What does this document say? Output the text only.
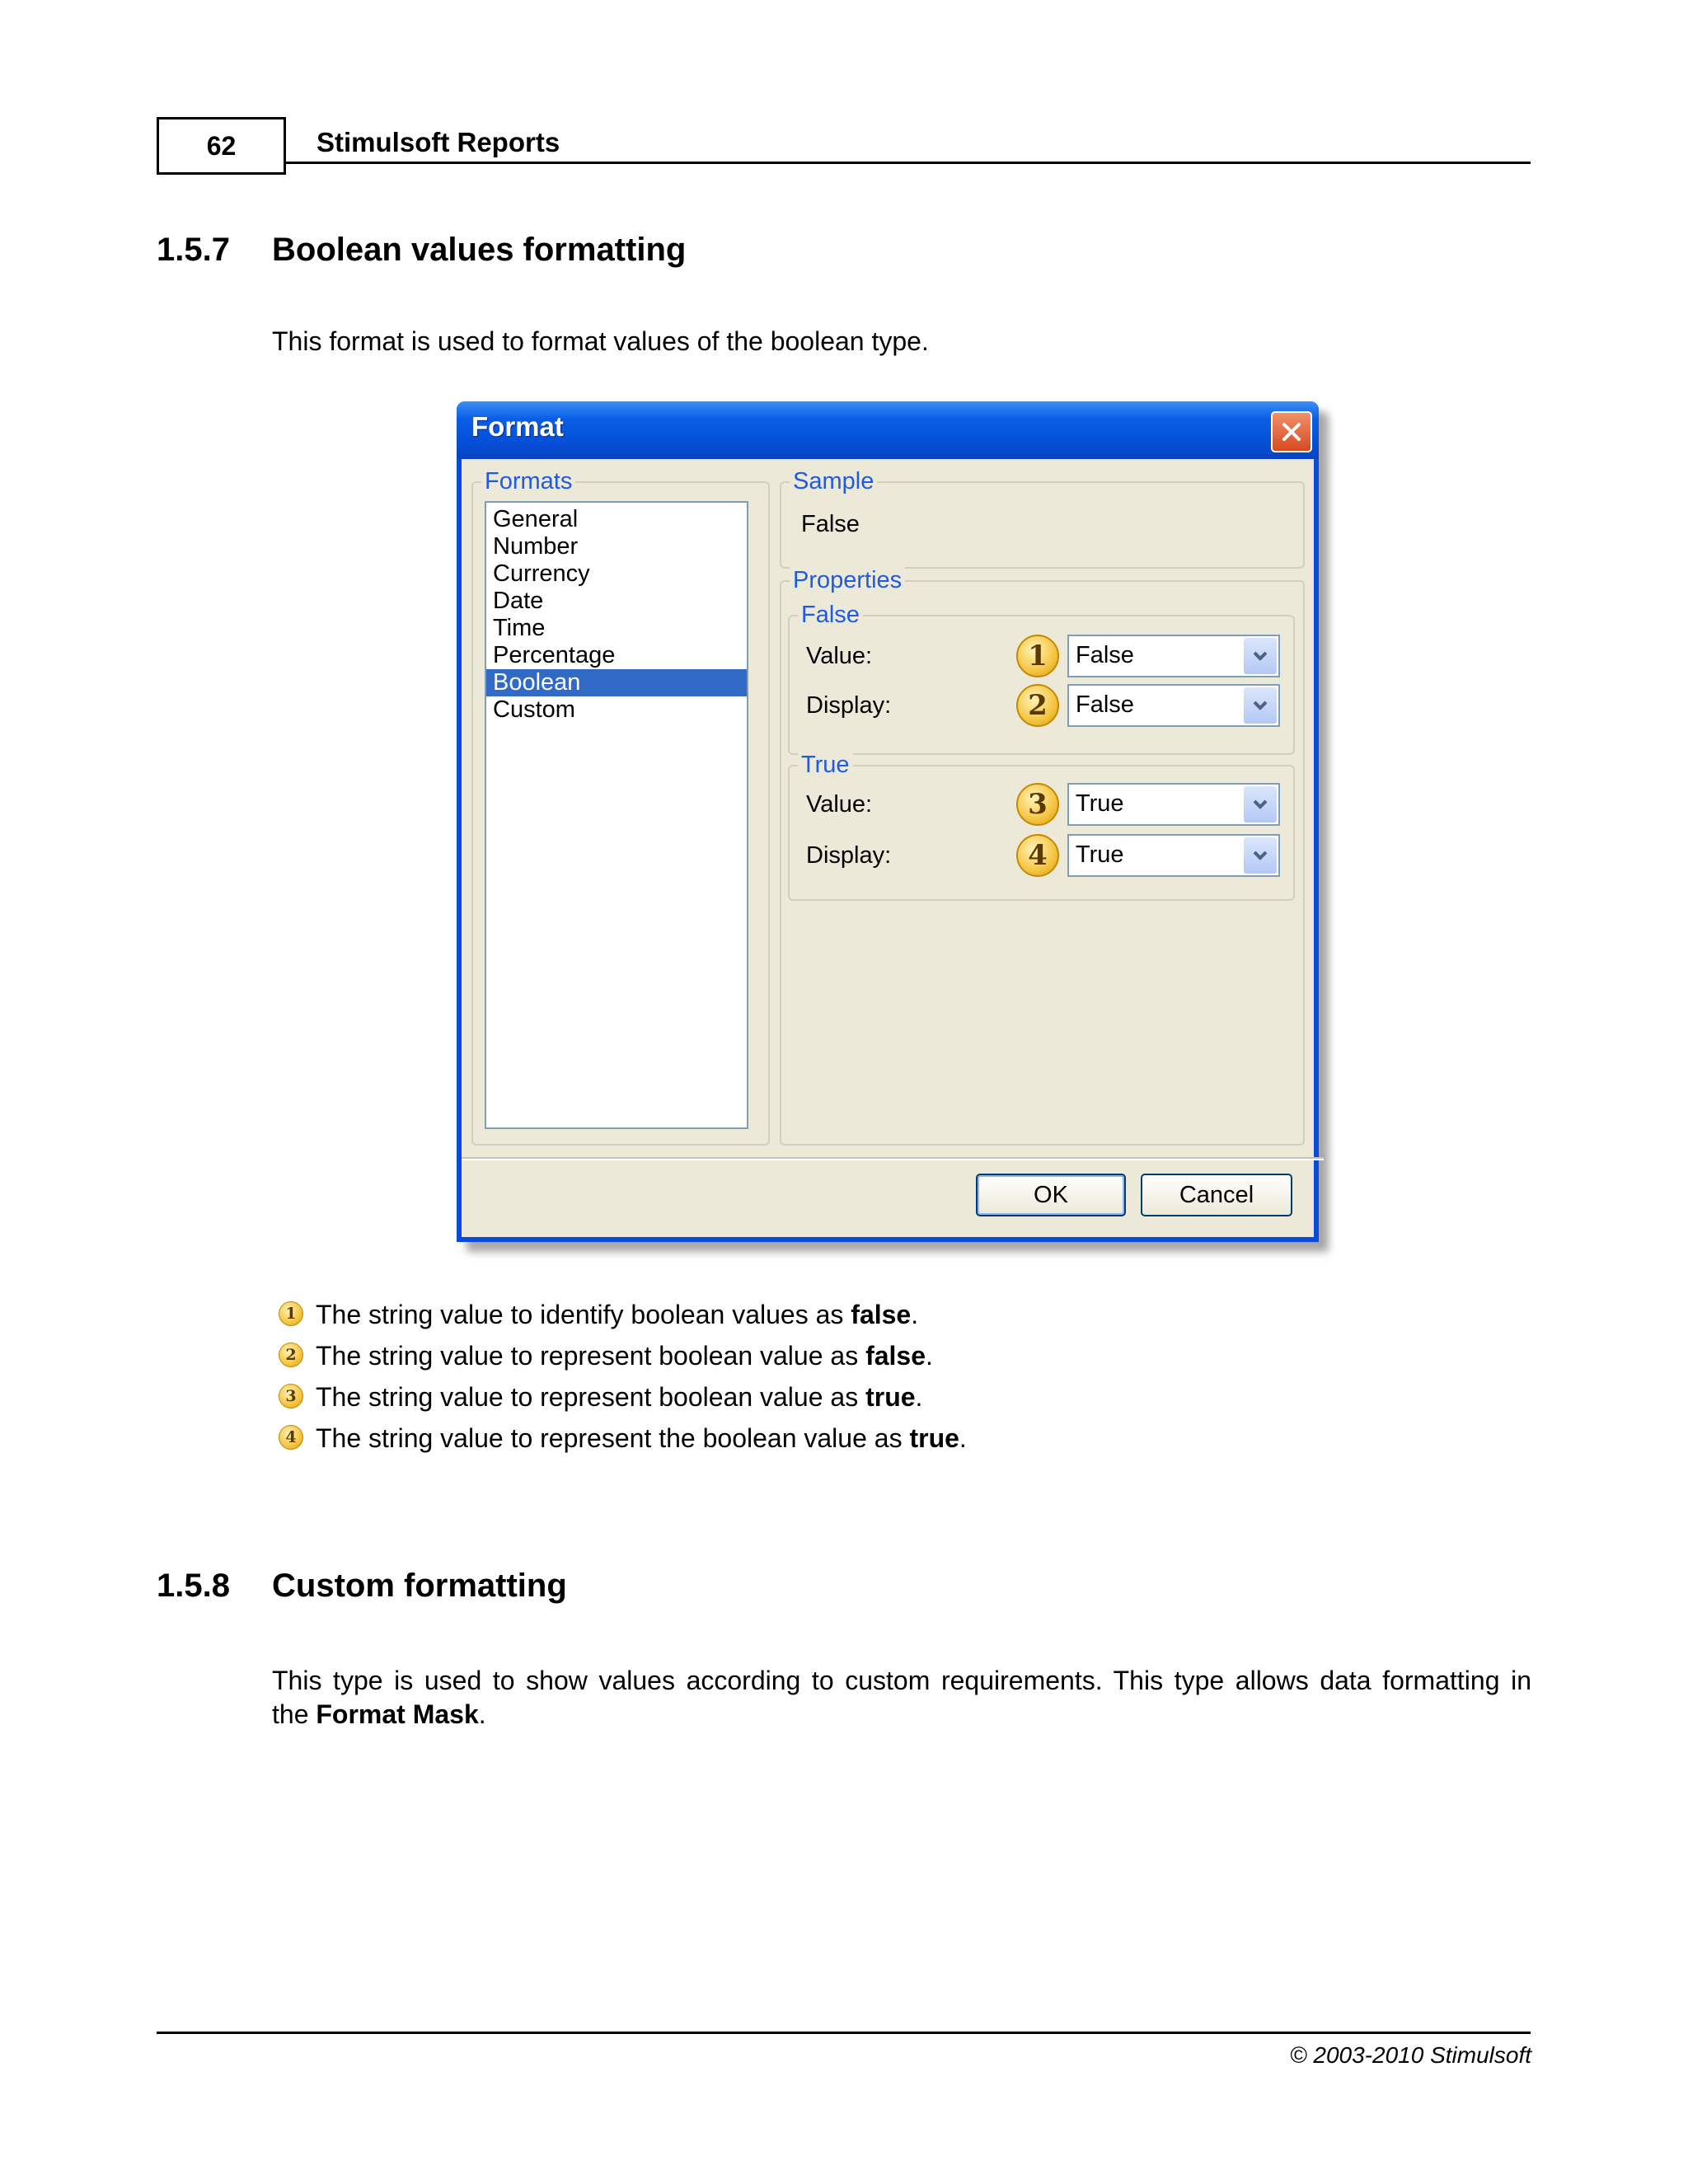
62	Stimulsoft Reports
1.5.7 Boolean values formatting
This format is used to format values of the boolean type.
Format
Formats
General
Number
Currency
Date
Time
Percentage
Boolean
Custom
Sample
False
Properties
False
Value:	1	False
Display:	2	False
True
Value:	3	True
Display:	4	True
OK	Cancel
1 The string value to identify boolean values as false.
2 The string value to represent boolean value as false.
3 The string value to represent boolean value as true.
4 The string value to represent the boolean value as true.
1.5.8 Custom formatting
This type is used to show values according to custom requirements. This type allows data formatting in
the Format Mask.
© 2003-2010 Stimulsoft
